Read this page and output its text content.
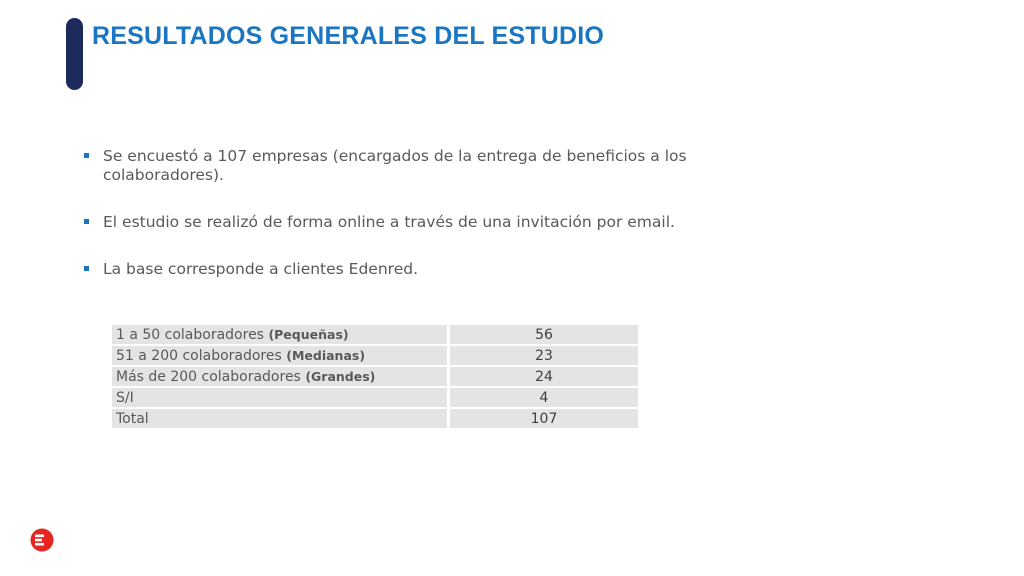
RESULTADOS GENERALES DEL ESTUDIO
Se encuestó a 107 empresas (encargados de la entrega de beneficios a los colaboradores).
El estudio se realizó de forma online a través de una invitación por email.
La base corresponde a clientes Edenred.
1 a 50 colaboradores (Pequeñas)	56
51 a 200 colaboradores (Medianas)	23
Más de 200 colaboradores (Grandes)	24
S/I	4
Total	107
